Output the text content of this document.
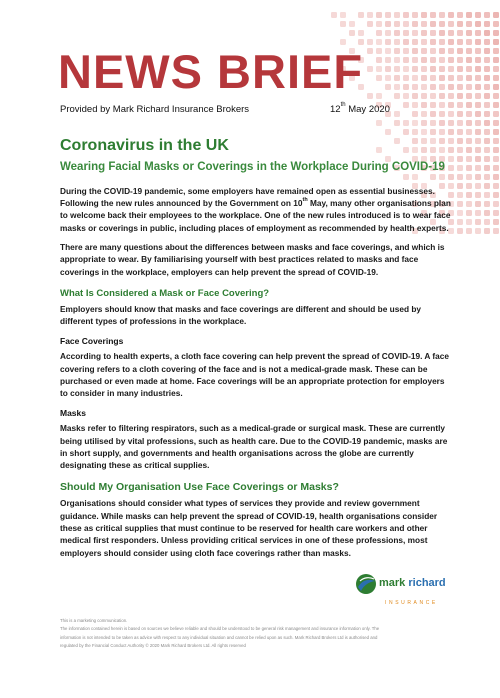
NEWS BRIEF
Provided by Mark Richard Insurance Brokers	12th May 2020
Coronavirus in the UK
Wearing Facial Masks or Coverings in the Workplace During COVID-19

During the COVID-19 pandemic, some employers have remained open as essential businesses. Following the new rules announced by the Government on 10th May, many other organisations plan to welcome back their employees to the workplace. One of the new rules introduced is to wear face masks or coverings in public, including places of employment as recommended by health experts.

There are many questions about the differences between masks and face coverings, and which is appropriate to wear. By familiarising yourself with best practices related to masks and face coverings in the workplace, employers can help prevent the spread of COVID-19.

What Is Considered a Mask or Face Covering?

Employers should know that masks and face coverings are different and should be used by different types of professions in the workplace.

Face Coverings

According to health experts, a cloth face covering can help prevent the spread of COVID-19. A face covering refers to a cloth covering of the face and is not a medical-grade mask. These can be purchased or even made at home. Face coverings will be an appropriate protection for employers to consider in many industries.

Masks

Masks refer to filtering respirators, such as a medical-grade or surgical mask. These are currently being utilised by vital professions, such as health care. Due to the COVID-19 pandemic, masks are in short supply, and governments and health organisations across the globe are currently designating these as critical supplies.

Should My Organisation Use Face Coverings or Masks?

Organisations should consider what types of services they provide and review government guidance. While masks can help prevent the spread of COVID-19, health organisations consider these as critical supplies that must continue to be reserved for health care workers and other medical first responders. Unless providing critical services in one of these professions, most employers should consider using cloth face coverings rather than masks.

mark richard
INSURANCE
This is a marketing communication.
The information contained herein is based on sources we believe reliable and should be understood to be general risk management and insurance information only. The
information is not intended to be taken as advice with respect to any individual situation and cannot be relied upon as such. Mark Richard Brokers Ltd is authorised and
regulated by the Financial Conduct Authority © 2020 Mark Richard Brokers Ltd. All rights reserved
